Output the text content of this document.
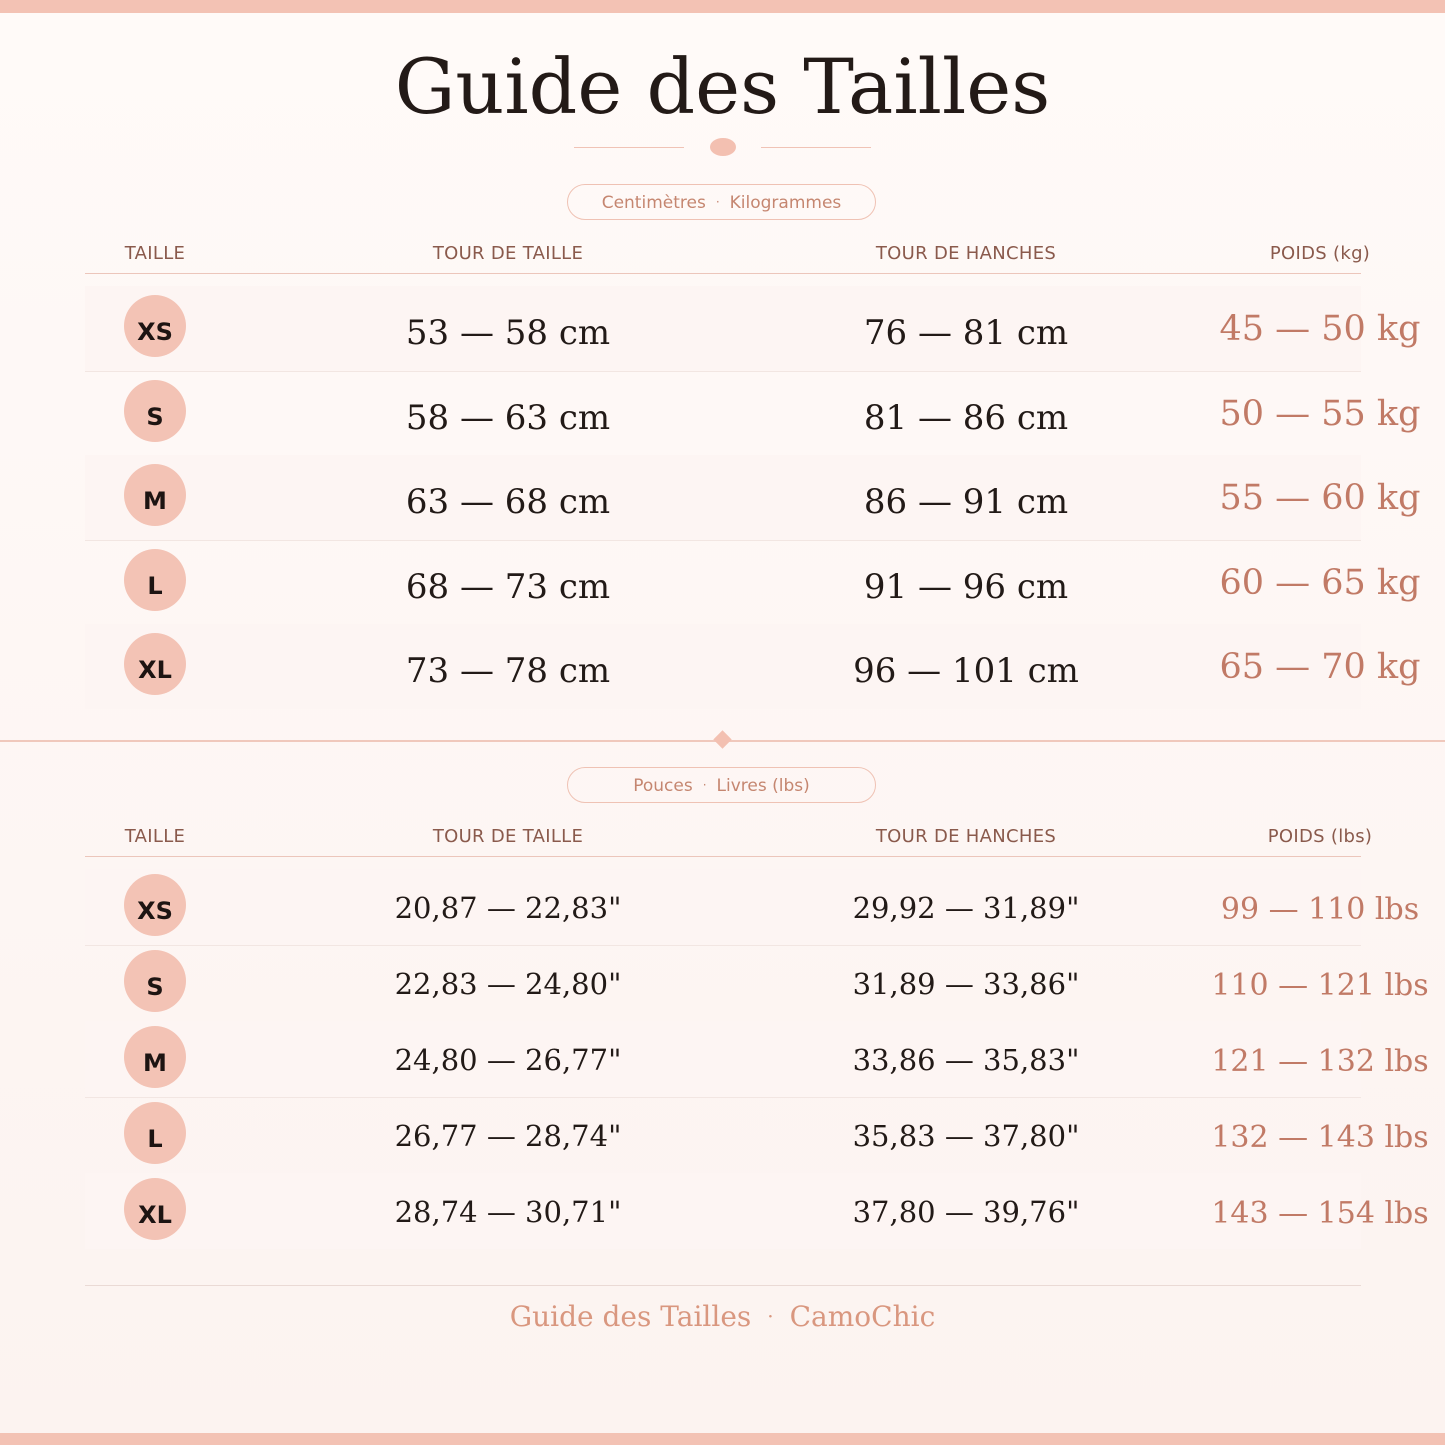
Guide des Tailles
Centimètres · Kilogrammes
TAILLE	TOUR DE TAILLE	TOUR DE HANCHES	POIDS (kg)
XS	53 — 58 cm	76 — 81 cm	45 — 50 kg
S	58 — 63 cm	81 — 86 cm	50 — 55 kg
M	63 — 68 cm	86 — 91 cm	55 — 60 kg
L	68 — 73 cm	91 — 96 cm	60 — 65 kg
XL	73 — 78 cm	96 — 101 cm	65 — 70 kg
Pouces · Livres (lbs)
TAILLE	TOUR DE TAILLE	TOUR DE HANCHES	POIDS (lbs)
XS	20,87 — 22,83"	29,92 — 31,89"	99 — 110 lbs
S	22,83 — 24,80"	31,89 — 33,86"	110 — 121 lbs
M	24,80 — 26,77"	33,86 — 35,83"	121 — 132 lbs
L	26,77 — 28,74"	35,83 — 37,80"	132 — 143 lbs
XL	28,74 — 30,71"	37,80 — 39,76"	143 — 154 lbs
Guide des Tailles · CamoChic
